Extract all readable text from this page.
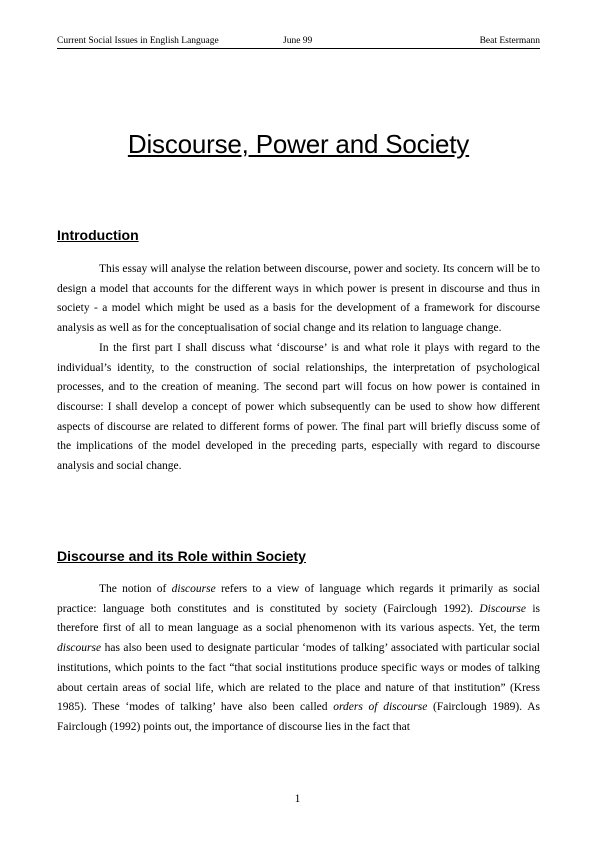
Current Social Issues in English Language	June 99	Beat Estermann
Discourse, Power and Society
Introduction

This essay will analyse the relation between discourse, power and society. Its concern will be to design a model that accounts for the different ways in which power is present in discourse and thus in society - a model which might be used as a basis for the development of a framework for discourse analysis as well as for the conceptualisation of social change and its relation to language change.

In the first part I shall discuss what ‘discourse’ is and what role it plays with regard to the individual’s identity, to the construction of social relationships, the interpretation of psychological processes, and to the creation of meaning. The second part will focus on how power is contained in discourse: I shall develop a concept of power which subsequently can be used to show how different aspects of discourse are related to different forms of power. The final part will briefly discuss some of the implications of the model developed in the preceding parts, especially with regard to discourse analysis and social change.

Discourse and its Role within Society

The notion of discourse refers to a view of language which regards it primarily as social practice: language both constitutes and is constituted by society (Fairclough 1992). Discourse is therefore first of all to mean language as a social phenomenon with its various aspects. Yet, the term discourse has also been used to designate particular ‘modes of talking’ associated with particular social institutions, which points to the fact “that social institutions produce specific ways or modes of talking about certain areas of social life, which are related to the place and nature of that institution” (Kress 1985). These ‘modes of talking’ have also been called orders of discourse (Fairclough 1989). As Fairclough (1992) points out, the importance of discourse lies in the fact that

1
